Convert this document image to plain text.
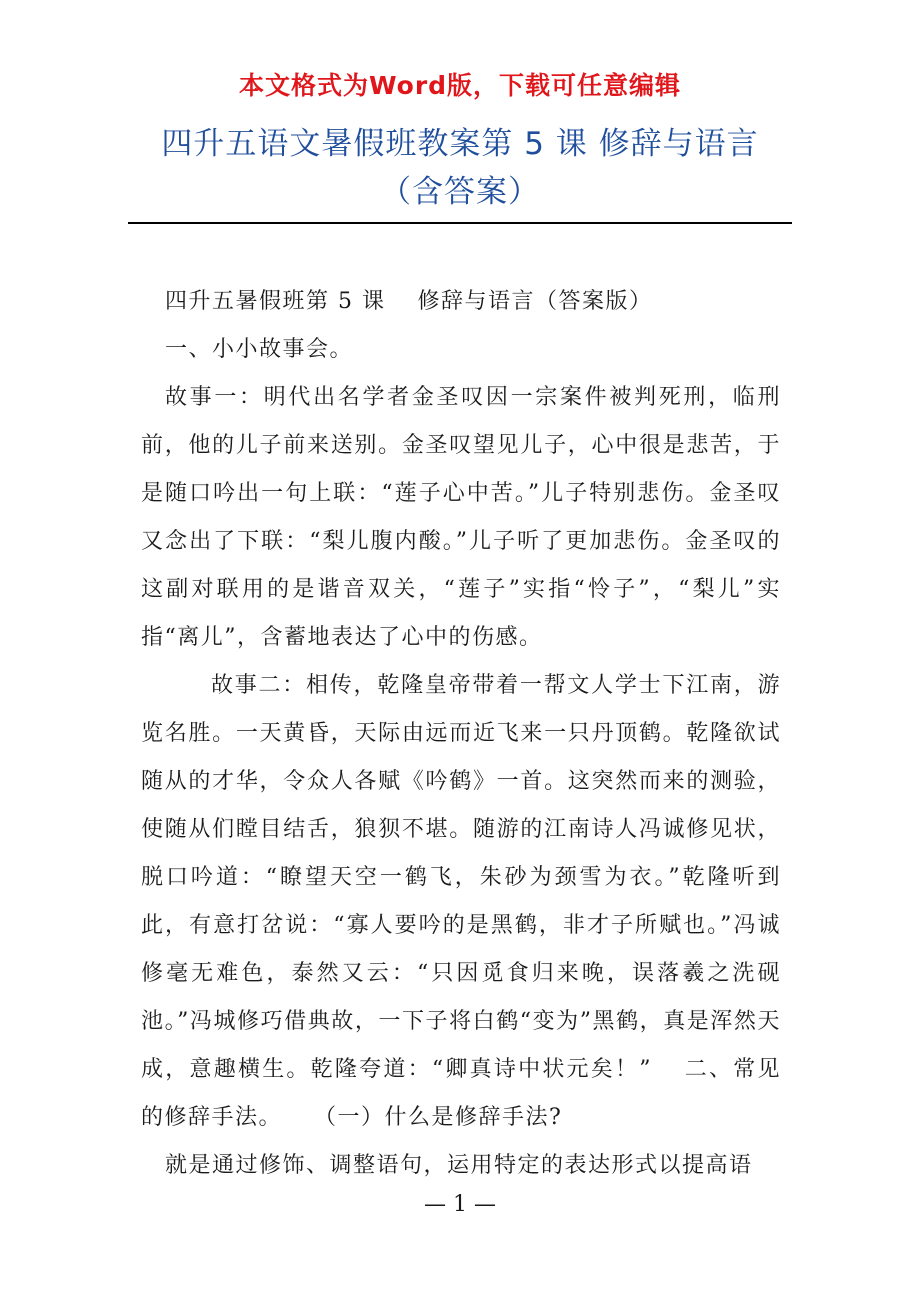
本文格式为Word版，下载可任意编辑
四升五语文暑假班教案第 5 课 修辞与语言
（含答案）

四升五暑假班第 5 课 修辞与语言（答案版）

一、小小故事会。

故事一：明代出名学者金圣叹因一宗案件被判死刑，临刑前，他的儿子前来送别。金圣叹望见儿子，心中很是悲苦，于是随口吟出一句上联：“莲子心中苦。”儿子特别悲伤。金圣叹又念出了下联：“梨儿腹内酸。”儿子听了更加悲伤。金圣叹的这副对联用的是谐音双关，“莲子”实指“怜子”，“梨儿”实指“离儿”，含蓄地表达了心中的伤感。

故事二：相传，乾隆皇帝带着一帮文人学士下江南，游览名胜。一天黄昏，天际由远而近飞来一只丹顶鹤。乾隆欲试随从的才华，令众人各赋《吟鹤》一首。这突然而来的测验，使随从们瞠目结舌，狼狈不堪。随游的江南诗人冯诚修见状，脱口吟道：“瞭望天空一鹤飞，朱砂为颈雪为衣。”乾隆听到此，有意打岔说：“寡人要吟的是黑鹤，非才子所赋也。”冯诚修毫无难色，泰然又云：“只因觅食归来晚，误落羲之洗砚池。”冯城修巧借典故，一下子将白鹤“变为”黑鹤，真是浑然天成，意趣横生。乾隆夸道：“卿真诗中状元矣！” 二、常见的修辞手法。 （一）什么是修辞手法?

就是通过修饰、调整语句，运用特定的表达形式以提高语

— 1 —
